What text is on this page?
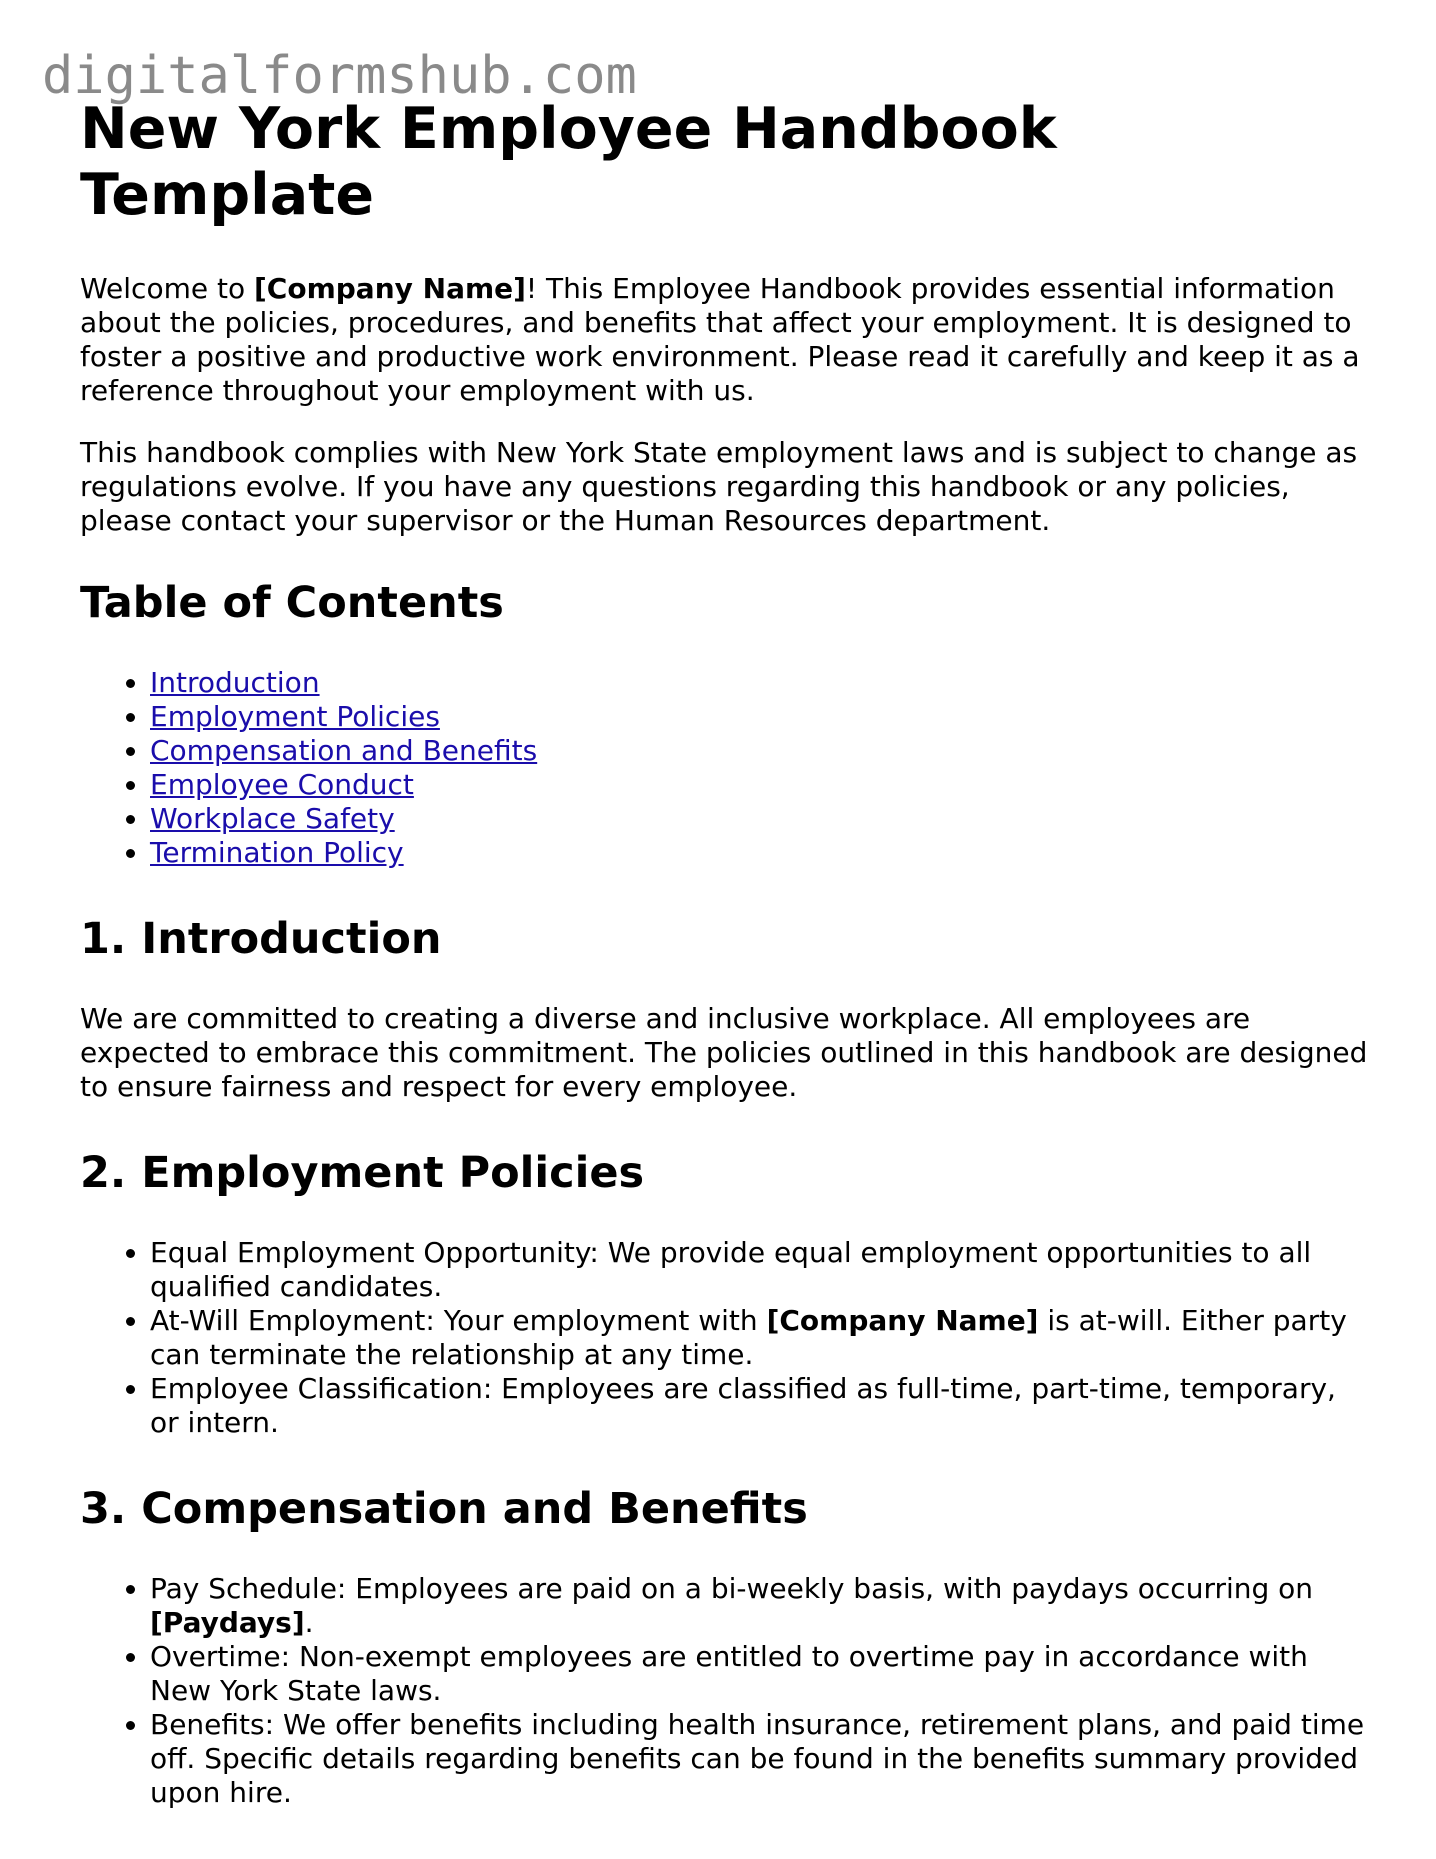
digitalformshub.com
New York Employee Handbook Template

Welcome to [Company Name]! This Employee Handbook provides essential information about the policies, procedures, and benefits that affect your employment. It is designed to foster a positive and productive work environment. Please read it carefully and keep it as a reference throughout your employment with us.

This handbook complies with New York State employment laws and is subject to change as regulations evolve. If you have any questions regarding this handbook or any policies, please contact your supervisor or the Human Resources department.

Table of Contents
• Introduction
• Employment Policies
• Compensation and Benefits
• Employee Conduct
• Workplace Safety
• Termination Policy
1. Introduction

We are committed to creating a diverse and inclusive workplace. All employees are expected to embrace this commitment. The policies outlined in this handbook are designed to ensure fairness and respect for every employee.

2. Employment Policies
• Equal Employment Opportunity: We provide equal employment opportunities to all qualified candidates.
• At-Will Employment: Your employment with [Company Name] is at-will. Either party can terminate the relationship at any time.
• Employee Classification: Employees are classified as full-time, part-time, temporary, or intern.
3. Compensation and Benefits
• Pay Schedule: Employees are paid on a bi-weekly basis, with paydays occurring on [Paydays].
• Overtime: Non-exempt employees are entitled to overtime pay in accordance with New York State laws.
• Benefits: We offer benefits including health insurance, retirement plans, and paid time off. Specific details regarding benefits can be found in the benefits summary provided upon hire.
